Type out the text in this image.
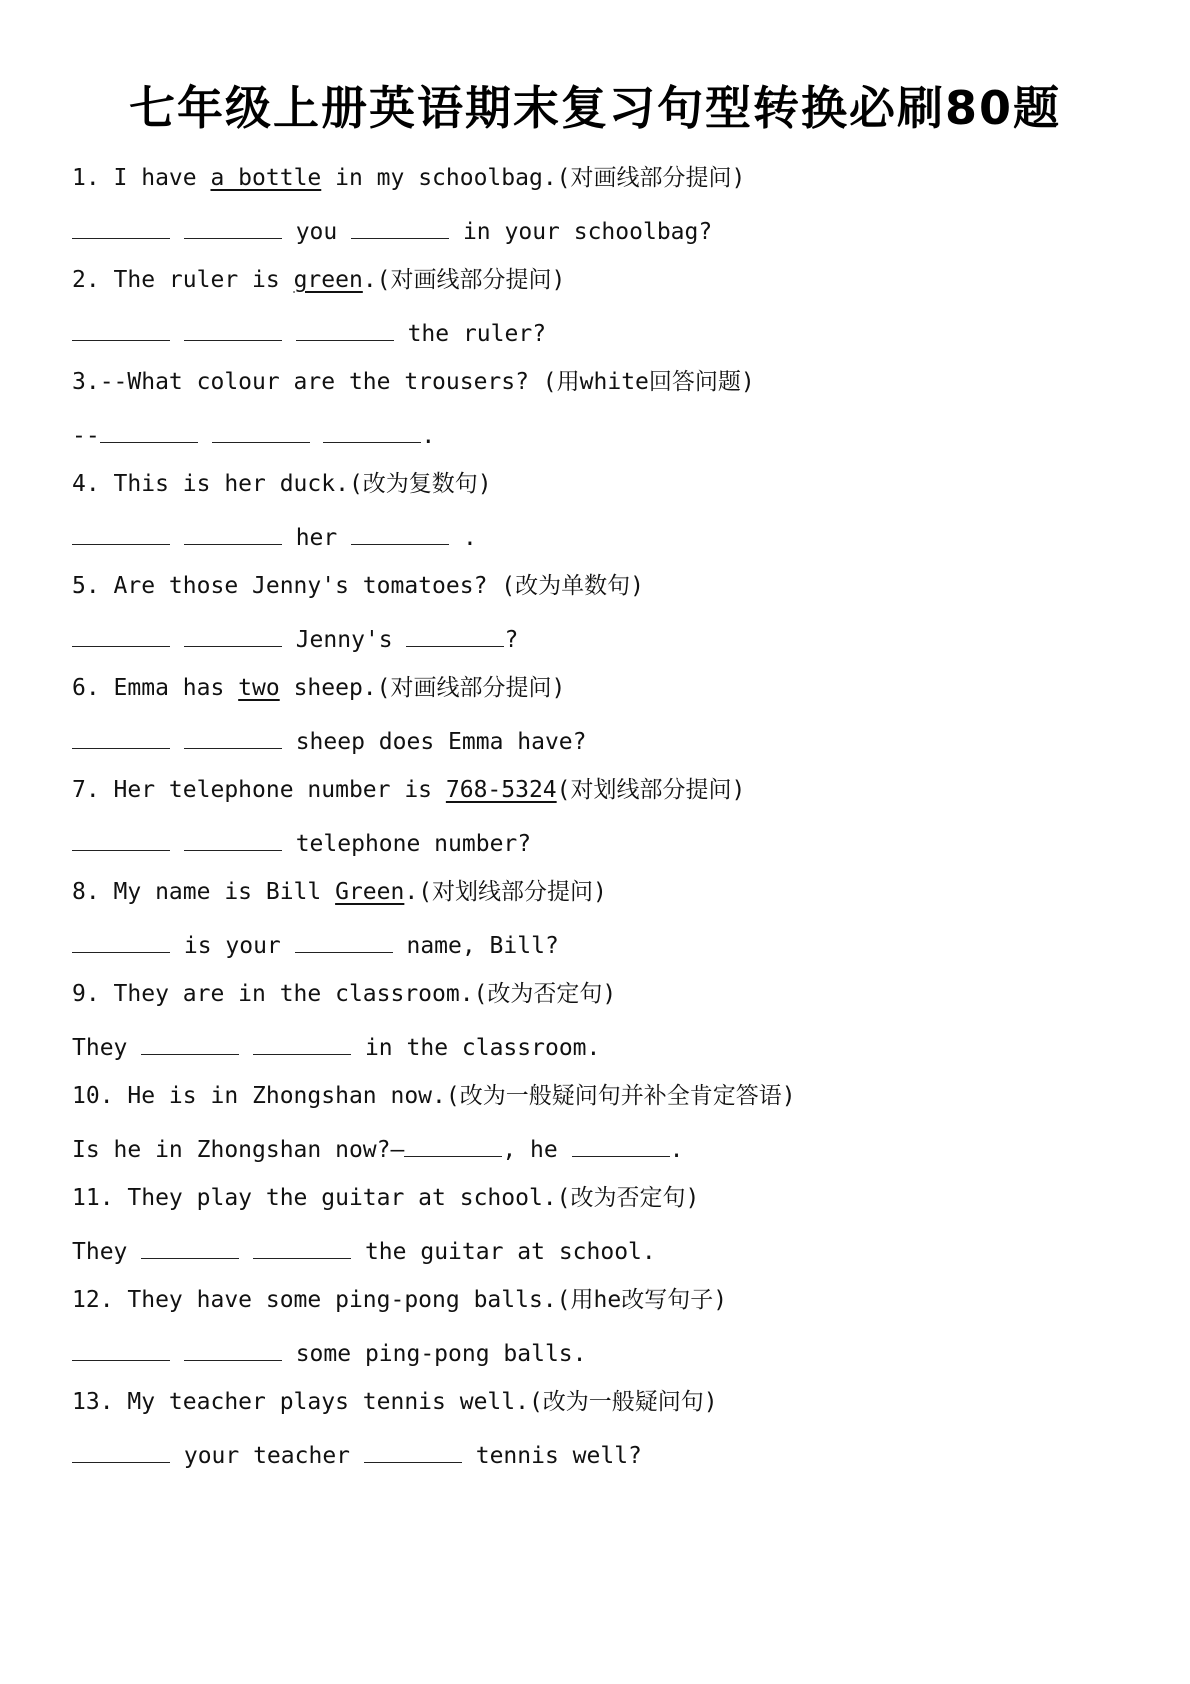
七年级上册英语期末复习句型转换必刷80题
1. I have a bottle in my schoolbag.(对画线部分提问)
you	in your schoolbag?
2. The ruler is green.(对画线部分提问)
the ruler?
3.--What colour are the trousers? (用white回答问题)
--	.
4. This is her duck.(改为复数句)
her	.
5. Are those Jenny's tomatoes? (改为单数句)
Jenny's	?
6. Emma has two sheep.(对画线部分提问)
sheep does Emma have?
7. Her telephone number is 768-5324(对划线部分提问)
telephone number?
8. My name is Bill Green.(对划线部分提问)
is your	name, Bill?
9. They are in the classroom.(改为否定句)
They	in the classroom.
10. He is in Zhongshan now.(改为一般疑问句并补全肯定答语)
Is he in Zhongshan now?—	, he	.
11. They play the guitar at school.(改为否定句)
They	the guitar at school.
12. They have some ping-pong balls.(用he改写句子)
some ping-pong balls.
13. My teacher plays tennis well.(改为一般疑问句)
your teacher	tennis well?
